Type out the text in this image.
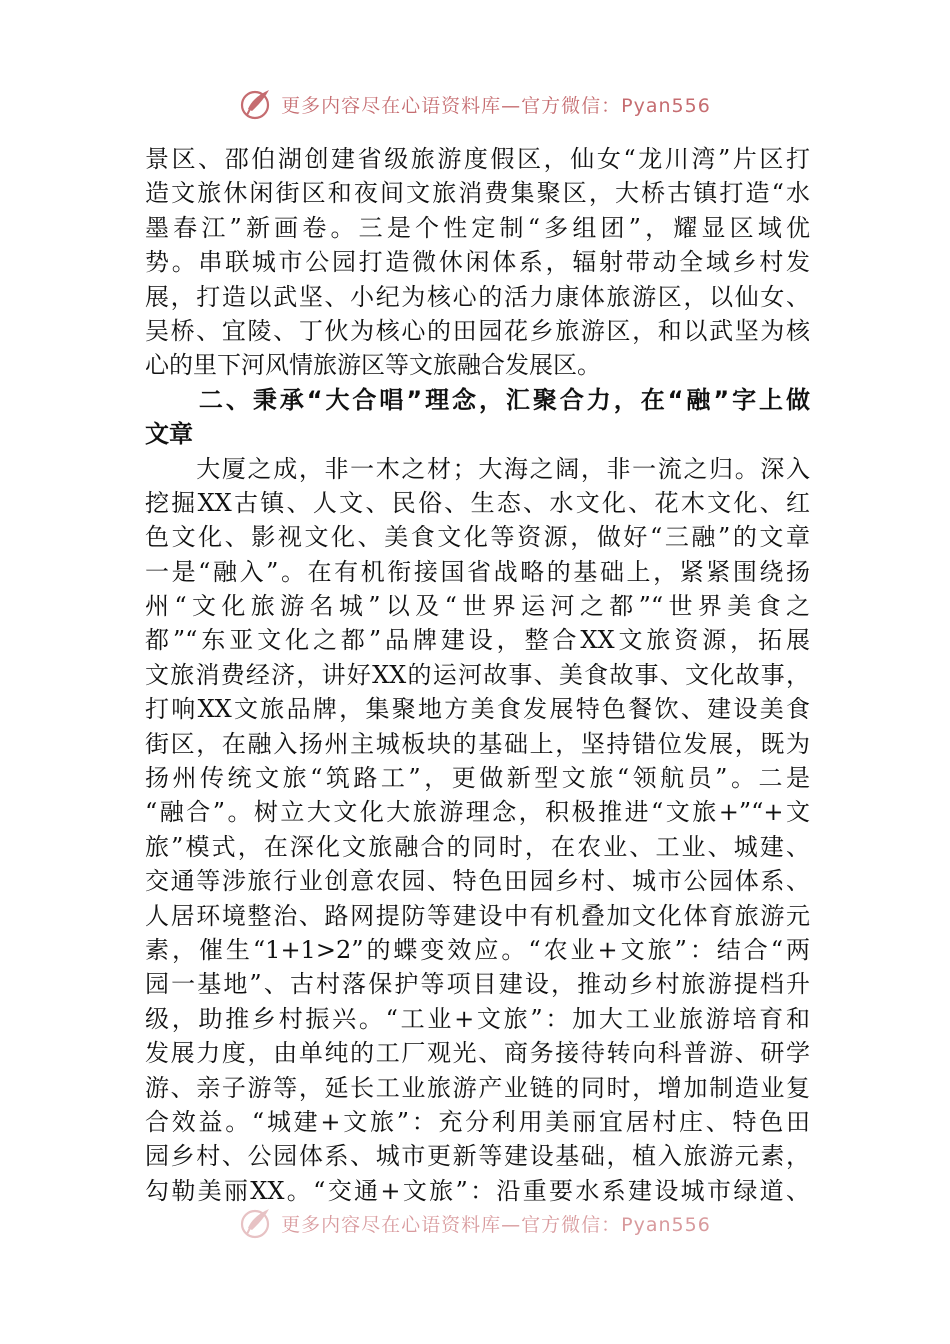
更多内容尽在心语资料库—官方微信：Pyan556
景区、邵伯湖创建省级旅游度假区，仙女“龙川湾”片区打
造文旅休闲街区和夜间文旅消费集聚区，大桥古镇打造“水
墨春江”新画卷。三是个性定制“多组团”，耀显区域优
势。串联城市公园打造微休闲体系，辐射带动全域乡村发
展，打造以武坚、小纪为核心的活力康体旅游区，以仙女、
吴桥、宜陵、丁伙为核心的田园花乡旅游区，和以武坚为核
心的里下河风情旅游区等文旅融合发展区。
　　二、秉承“大合唱”理念，汇聚合力，在“融”字上做
文章
　　大厦之成，非一木之材；大海之阔，非一流之归。深入
挖掘XX古镇、人文、民俗、生态、水文化、花木文化、红
色文化、影视文化、美食文化等资源，做好“三融”的文章
一是“融入”。在有机衔接国省战略的基础上，紧紧围绕扬
州“文化旅游名城”以及“世界运河之都”“世界美食之
都”“东亚文化之都”品牌建设，整合XX文旅资源，拓展
文旅消费经济，讲好XX的运河故事、美食故事、文化故事，
打响XX文旅品牌，集聚地方美食发展特色餐饮、建设美食
街区，在融入扬州主城板块的基础上，坚持错位发展，既为
扬州传统文旅“筑路工”，更做新型文旅“领航员”。二是
“融合”。树立大文化大旅游理念，积极推进“文旅+”“+文
旅”模式，在深化文旅融合的同时，在农业、工业、城建、
交通等涉旅行业创意农园、特色田园乡村、城市公园体系、
人居环境整治、路网提防等建设中有机叠加文化体育旅游元
素，催生“1+1>2”的蝶变效应。“农业+文旅”：结合“两
园一基地”、古村落保护等项目建设，推动乡村旅游提档升
级，助推乡村振兴。“工业+文旅”：加大工业旅游培育和
发展力度，由单纯的工厂观光、商务接待转向科普游、研学
游、亲子游等，延长工业旅游产业链的同时，增加制造业复
合效益。“城建+文旅”：充分利用美丽宜居村庄、特色田
园乡村、公园体系、城市更新等建设基础，植入旅游元素，
勾勒美丽XX。“交通+文旅”：沿重要水系建设城市绿道、
更多内容尽在心语资料库—官方微信：Pyan556
